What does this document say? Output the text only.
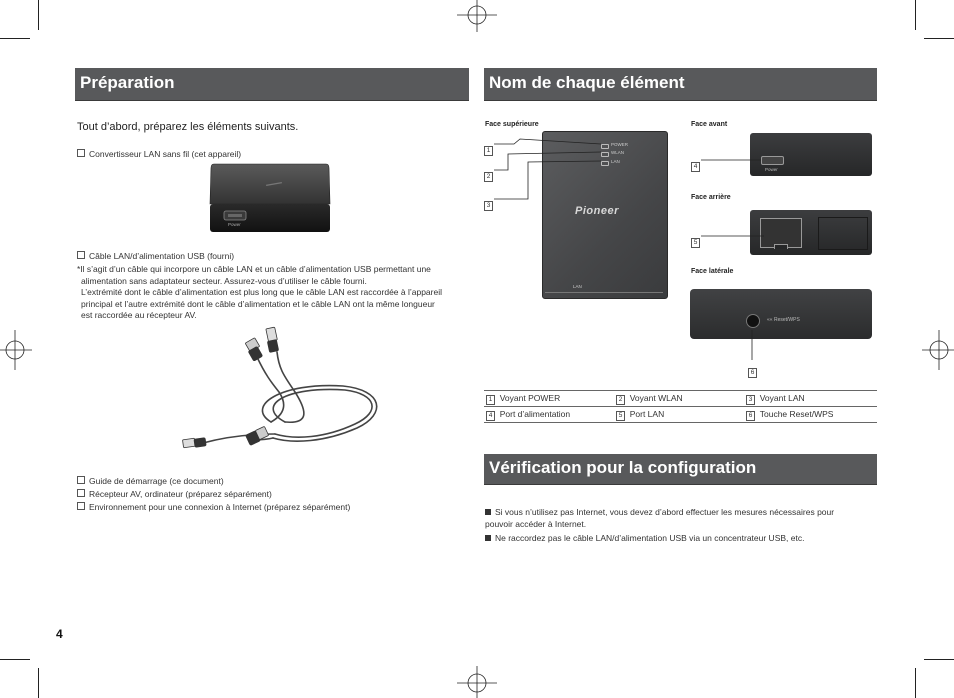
Préparation
Tout d’abord, préparez les éléments suivants.
Convertisseur LAN sans fil (cet appareil)
Power
Câble LAN/d’alimentation USB (fourni)
*Il s’agit d’un câble qui incorpore un câble LAN et un câble d’alimentation USB permettant une
alimentation sans adaptateur secteur. Assurez-vous d’utiliser le câble fourni.
L’extrémité dont le câble d’alimentation est plus long que le câble LAN est raccordée à l’appareil
principal et l’autre extrémité dont le câble d’alimentation et le câble LAN ont la même longueur
est raccordée au récepteur AV.
Guide de démarrage (ce document)
Récepteur AV, ordinateur (préparez séparément)
Environnement pour une connexion à Internet (préparez séparément)
4
Nom de chaque élément
Face supérieure	Face avant
Face arrière
Face latérale
POWER
WLAN
LAN
Pioneer
LAN
Power
«« Reset/WPS
1
2
3
4
5
6
1 Voyant POWER	2 Voyant WLAN	3 Voyant LAN
4 Port d’alimentation	5 Port LAN	6 Touche Reset/WPS
Vérification pour la configuration
Si vous n’utilisez pas Internet, vous devez d’abord effectuer les mesures nécessaires pour
pouvoir accéder à Internet.
Ne raccordez pas le câble LAN/d’alimentation USB via un concentrateur USB, etc.
